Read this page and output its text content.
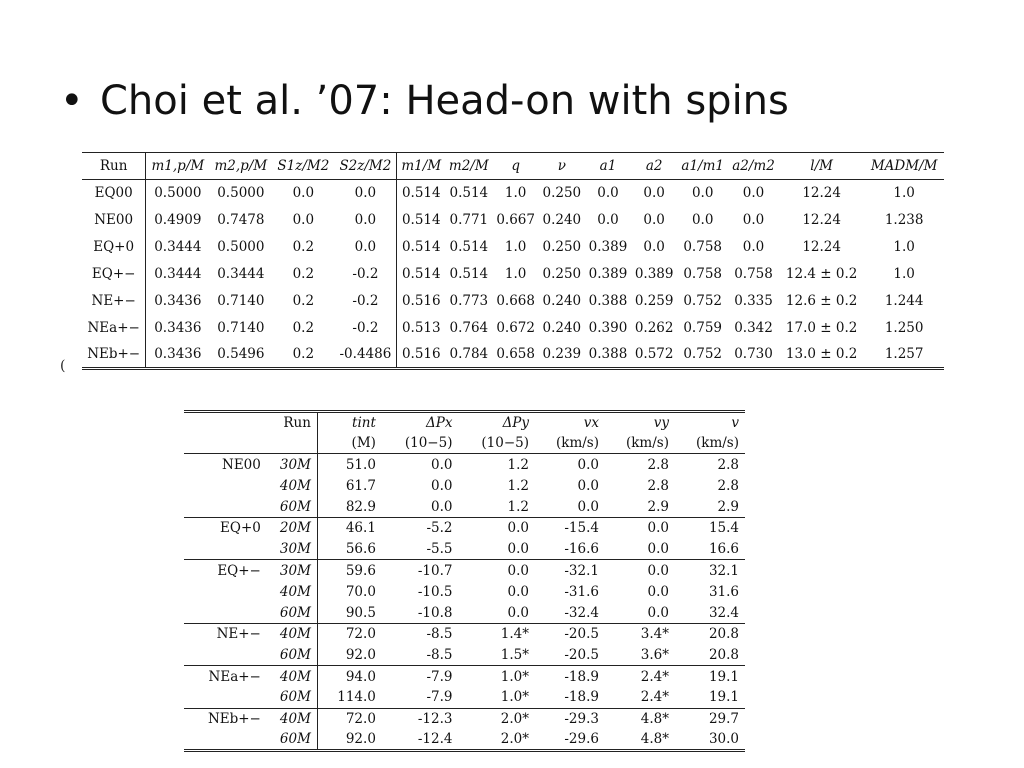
• Choi et al. ’07: Head-on with spins
(
Run	m1,p/M	m2,p/M	S1z/M2	S2z/M2	m1/M	m2/M	q	ν	a1	a2	a1/m1	a2/m2	l/M	MADM/M
EQ00	0.5000	0.5000	0.0	0.0	0.514	0.514	1.0	0.250	0.0	0.0	0.0	0.0	12.24	1.0
NE00	0.4909	0.7478	0.0	0.0	0.514	0.771	0.667	0.240	0.0	0.0	0.0	0.0	12.24	1.238
EQ+0	0.3444	0.5000	0.2	0.0	0.514	0.514	1.0	0.250	0.389	0.0	0.758	0.0	12.24	1.0
EQ+−	0.3444	0.3444	0.2	-0.2	0.514	0.514	1.0	0.250	0.389	0.389	0.758	0.758	12.4 ± 0.2	1.0
NE+−	0.3436	0.7140	0.2	-0.2	0.516	0.773	0.668	0.240	0.388	0.259	0.752	0.335	12.6 ± 0.2	1.244
NEa+−	0.3436	0.7140	0.2	-0.2	0.513	0.764	0.672	0.240	0.390	0.262	0.759	0.342	17.0 ± 0.2	1.250
NEb+−	0.3436	0.5496	0.2	-0.4486	0.516	0.784	0.658	0.239	0.388	0.572	0.752	0.730	13.0 ± 0.2	1.257
Run		tint	ΔPx	ΔPy	vx	vy	v
		(M)	(10−5)	(10−5)	(km/s)	(km/s)	(km/s)
NE00	30M	51.0	0.0	1.2	0.0	2.8	2.8
	40M	61.7	0.0	1.2	0.0	2.8	2.8
	60M	82.9	0.0	1.2	0.0	2.9	2.9
EQ+0	20M	46.1	-5.2	0.0	-15.4	0.0	15.4
	30M	56.6	-5.5	0.0	-16.6	0.0	16.6
EQ+−	30M	59.6	-10.7	0.0	-32.1	0.0	32.1
	40M	70.0	-10.5	0.0	-31.6	0.0	31.6
	60M	90.5	-10.8	0.0	-32.4	0.0	32.4
NE+−	40M	72.0	-8.5	1.4*	-20.5	3.4*	20.8
	60M	92.0	-8.5	1.5*	-20.5	3.6*	20.8
NEa+−	40M	94.0	-7.9	1.0*	-18.9	2.4*	19.1
	60M	114.0	-7.9	1.0*	-18.9	2.4*	19.1
NEb+−	40M	72.0	-12.3	2.0*	-29.3	4.8*	29.7
	60M	92.0	-12.4	2.0*	-29.6	4.8*	30.0
